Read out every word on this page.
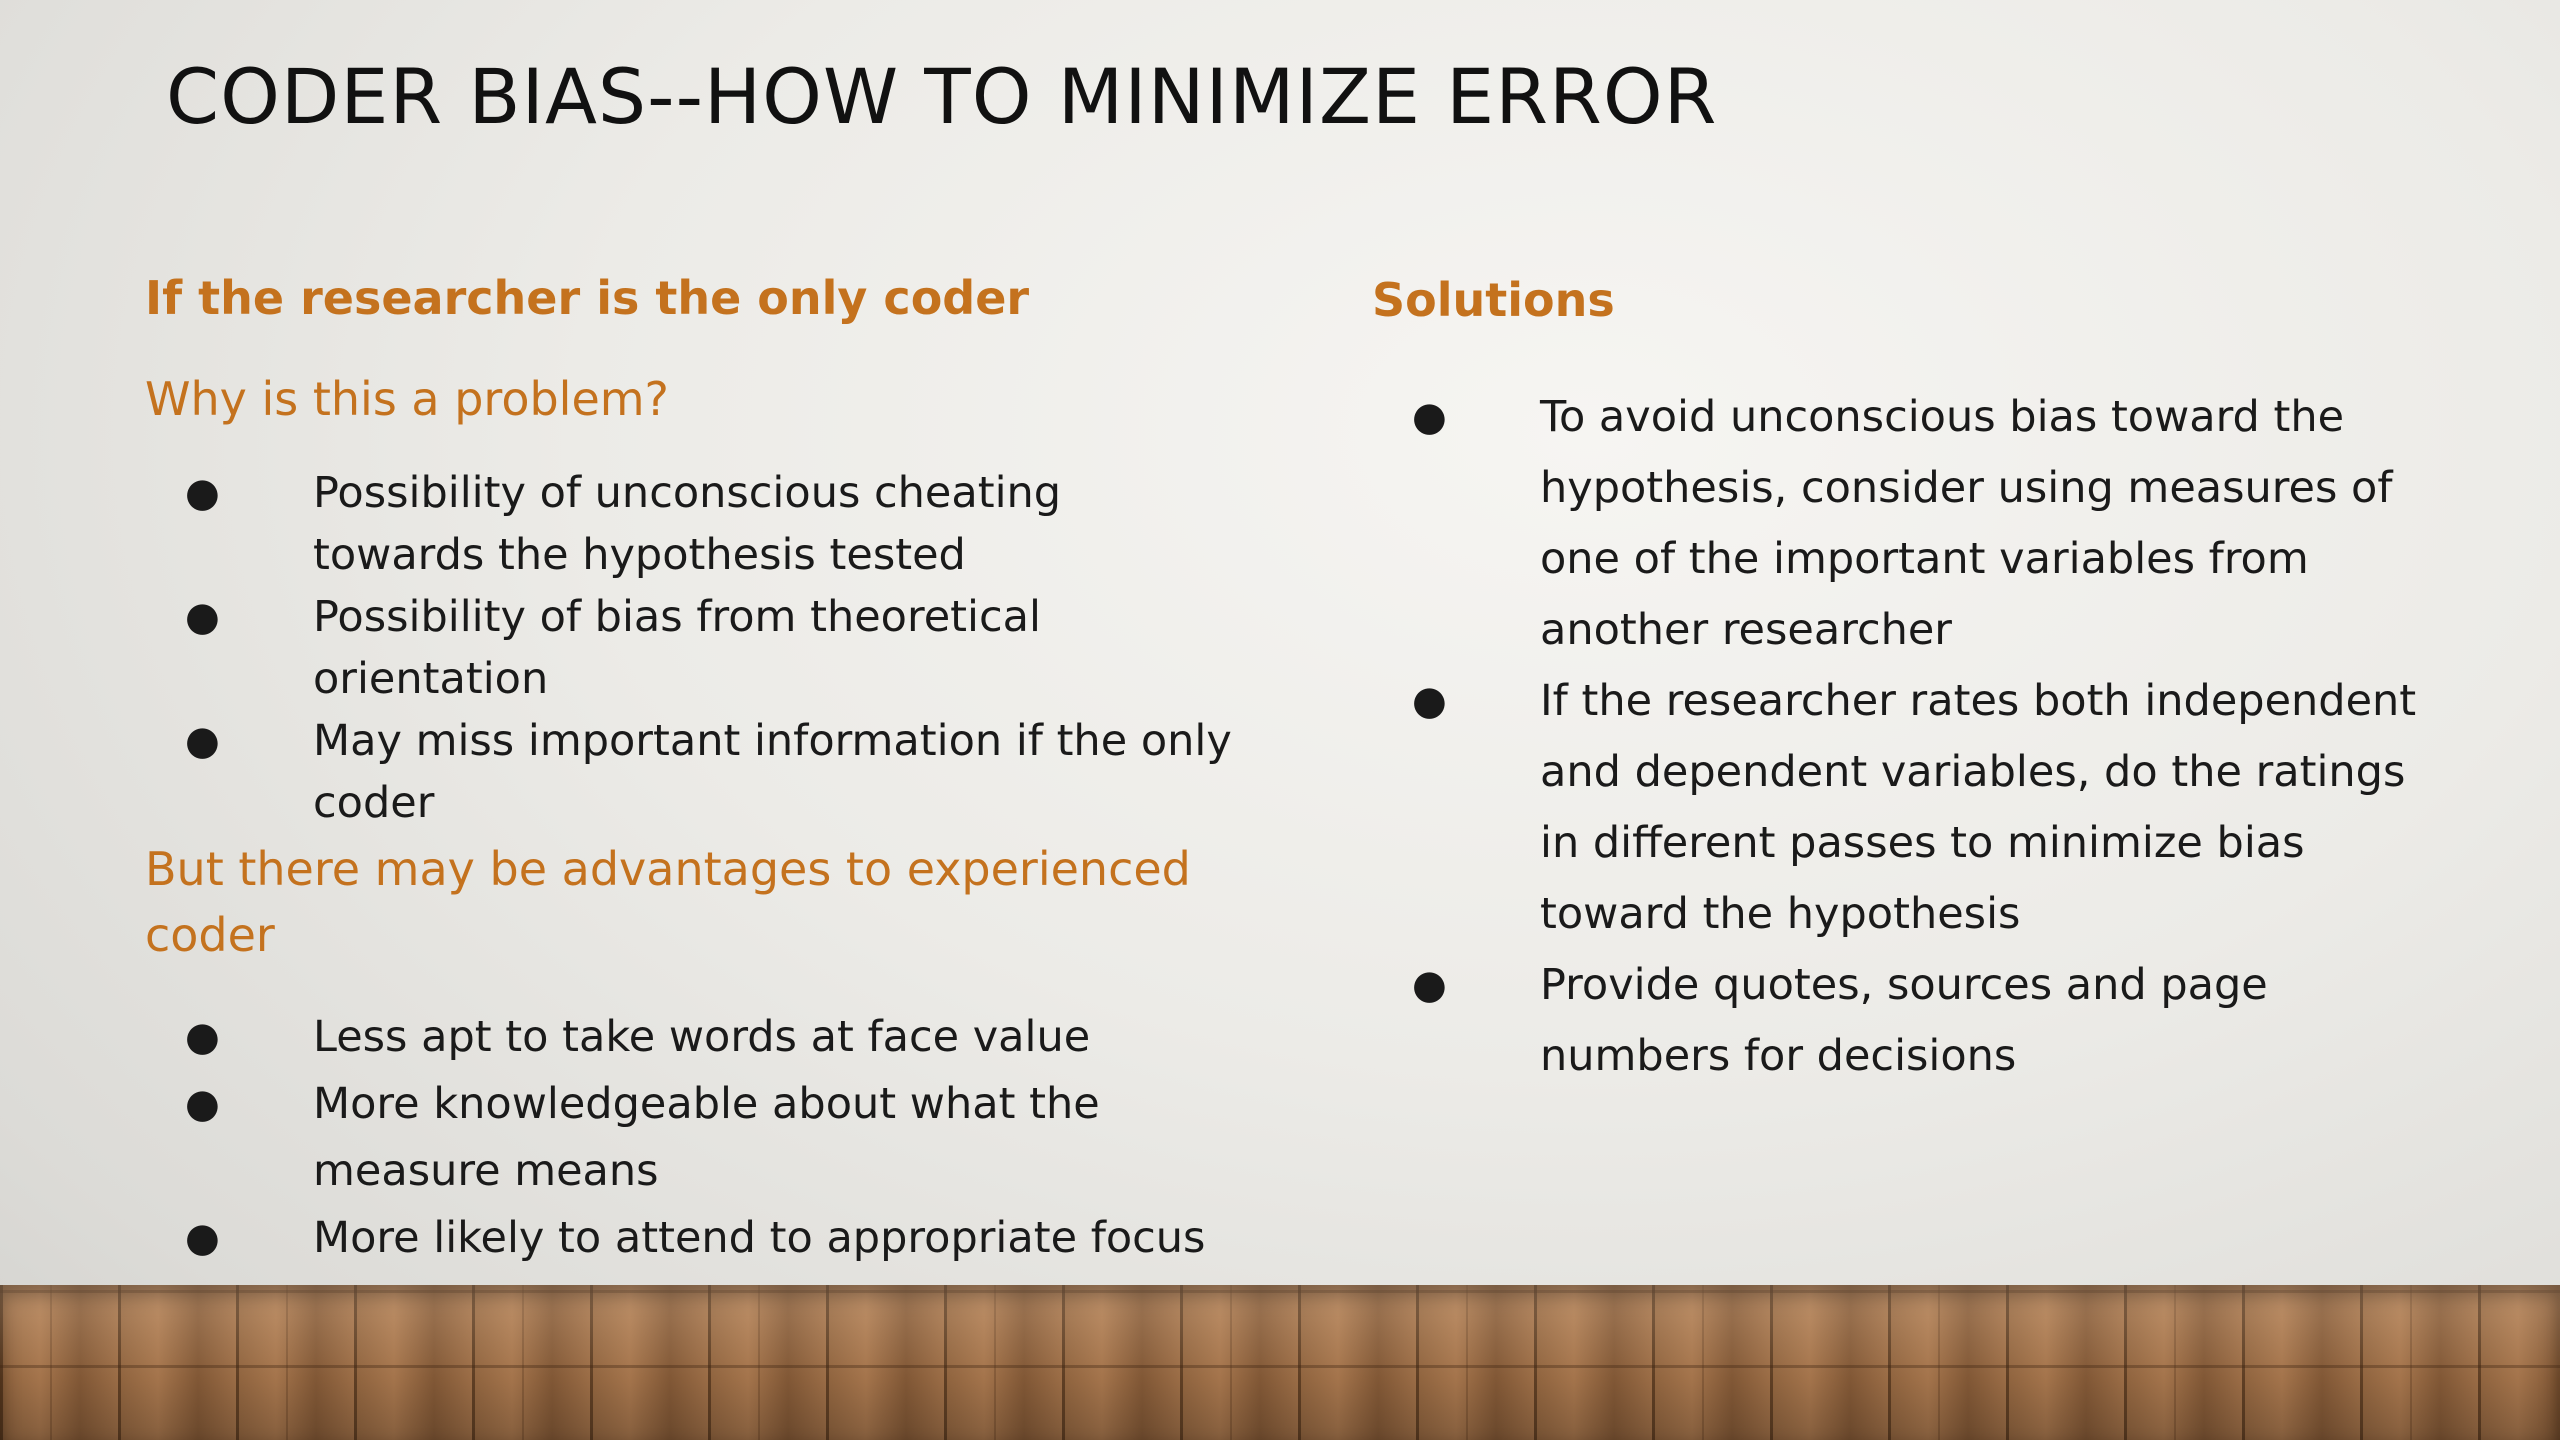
CODER BIAS--HOW TO MINIMIZE ERROR

If the researcher is the only coder

Why is this a problem?

● Possibility of unconscious cheating towards the hypothesis tested
● Possibility of bias from theoretical orientation
● May miss important information if the only coder

But there may be advantages to experienced coder

● Less apt to take words at face value
● More knowledgeable about what the measure means
● More likely to attend to appropriate focus

Solutions

● To avoid unconscious bias toward the hypothesis, consider using measures of one of the important variables from another researcher
● If the researcher rates both independent and dependent variables, do the ratings in different passes to minimize bias toward the hypothesis
● Provide quotes, sources and page numbers for decisions
